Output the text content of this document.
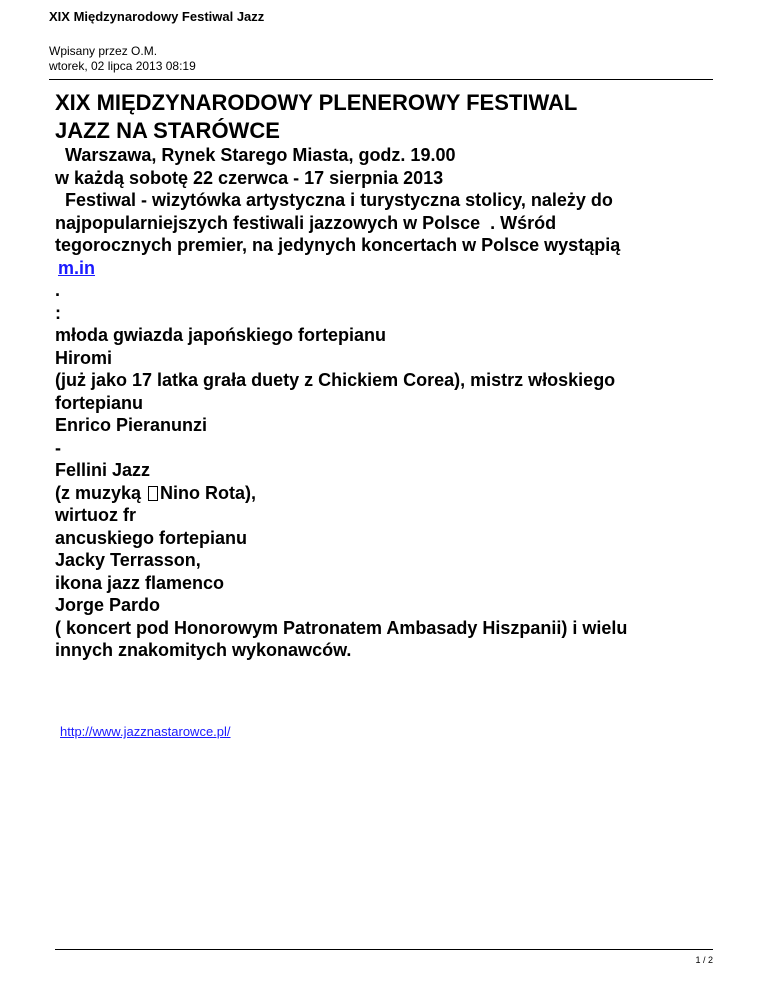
XIX Międzynarodowy Festiwal Jazz
Wpisany przez O.M.
wtorek, 02 lipca 2013 08:19
XIX MIĘDZYNARODOWY PLENEROWY FESTIWAL
JAZZ NA STARÓWCE
Warszawa, Rynek Starego Miasta, godz. 19.00
w każdą sobotę 22 czerwca - 17 sierpnia 2013
Festiwal - wizytówka artystyczna i turystyczna stolicy, należy do
najpopularniejszych festiwali jazzowych w Polsce  . Wśród
tegorocznych premier, na jedynych koncertach w Polsce wystąpią
m.in
.
:
młoda gwiazda japońskiego fortepianu
Hiromi
(już jako 17 latka grała duety z Chickiem Corea), mistrz włoskiego
fortepianu
Enrico Pieranunzi
-
Fellini Jazz
(z muzyką Nino Rota),
wirtuoz fr
ancuskiego fortepianu
Jacky Terrasson,
ikona jazz flamenco
Jorge Pardo
( koncert pod Honorowym Patronatem Ambasady Hiszpanii) i wielu
innych znakomitych wykonawców.
http://www.jazznastarowce.pl/
1 / 2
